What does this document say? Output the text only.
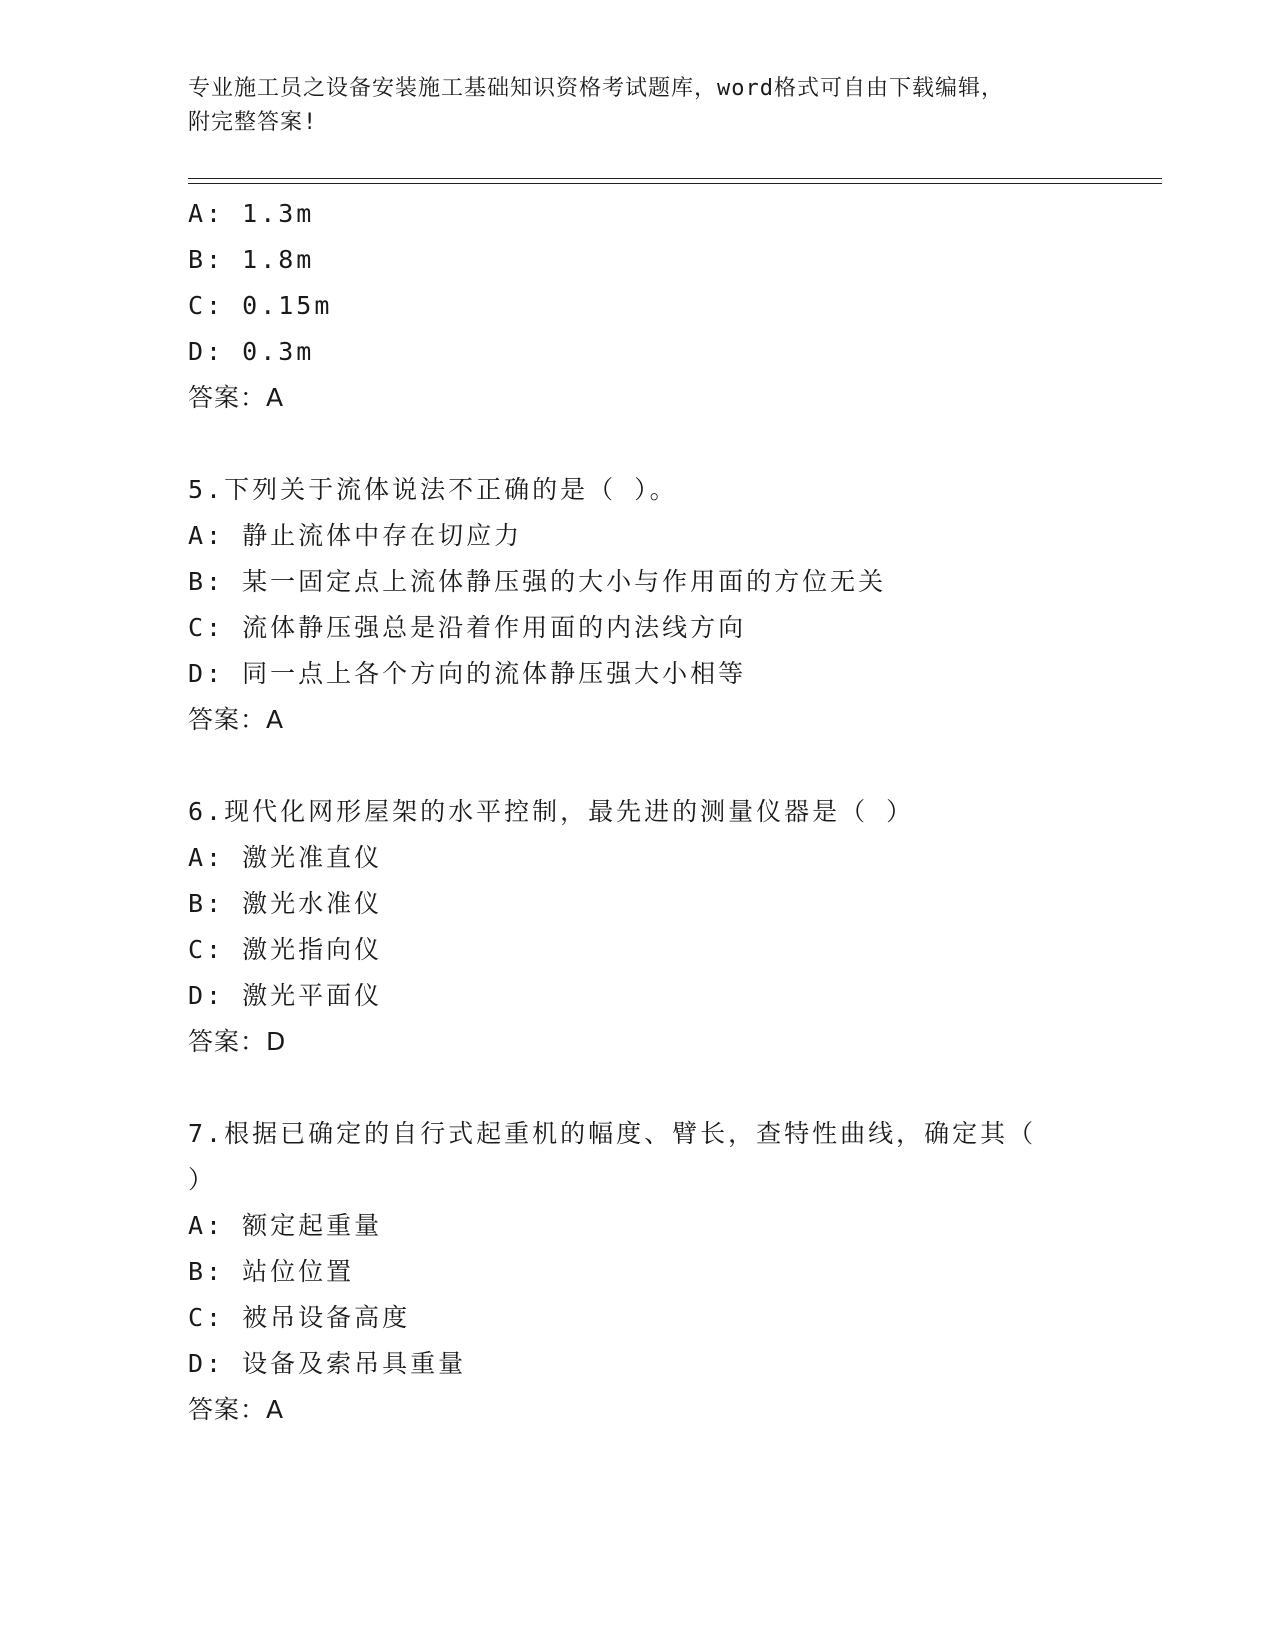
专业施工员之设备安装施工基础知识资格考试题库，word格式可自由下载编辑，
附完整答案!
A: 1.3m
B: 1.8m
C: 0.15m
D: 0.3m
答案：A
5.下列关于流体说法不正确的是（ ）。
A: 静止流体中存在切应力
B: 某一固定点上流体静压强的大小与作用面的方位无关
C: 流体静压强总是沿着作用面的内法线方向
D: 同一点上各个方向的流体静压强大小相等
答案：A
6.现代化网形屋架的水平控制，最先进的测量仪器是（ ）
A: 激光准直仪
B: 激光水准仪
C: 激光指向仪
D: 激光平面仪
答案：D
7.根据已确定的自行式起重机的幅度、臂长，查特性曲线，确定其（
）
A: 额定起重量
B: 站位位置
C: 被吊设备高度
D: 设备及索吊具重量
答案：A
